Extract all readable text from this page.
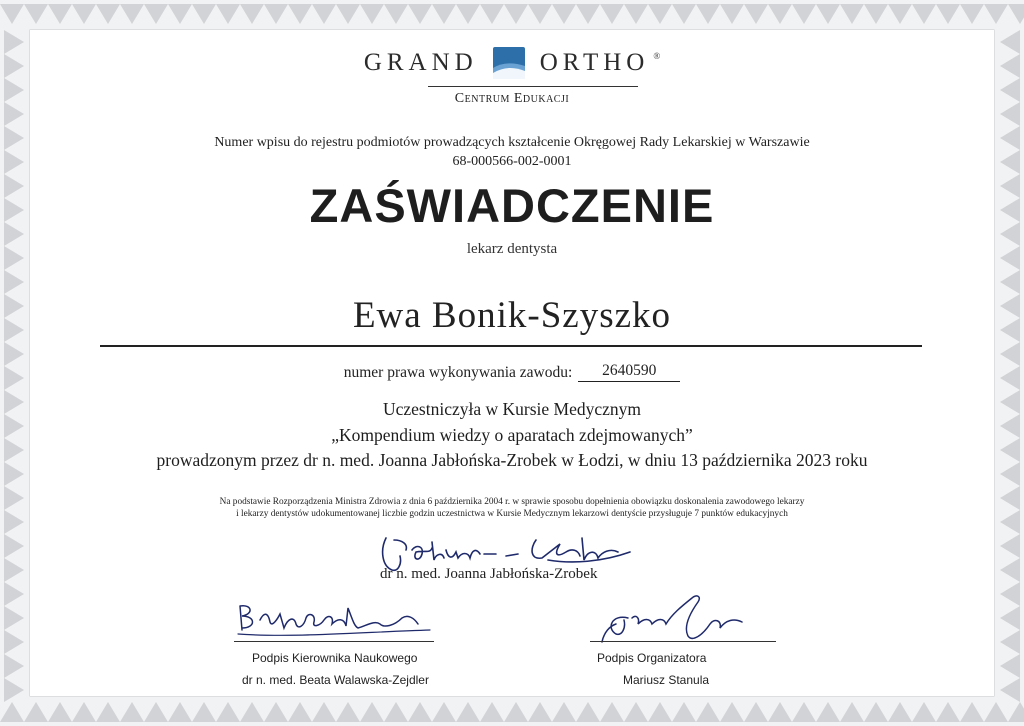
GRAND ORTHO ®
Centrum Edukacji
Numer wpisu do rejestru podmiotów prowadzących kształcenie Okręgowej Rady Lekarskiej w Warszawie
68-000566-002-0001
ZAŚWIADCZENIE
lekarz dentysta
Ewa Bonik-Szyszko
numer prawa wykonywania zawodu:	2640590
Uczestniczyła w Kursie Medycznym
„Kompendium wiedzy o aparatach zdejmowanych”
prowadzonym przez dr n. med. Joanna Jabłońska-Zrobek w Łodzi, w dniu 13 października 2023 roku
Na podstawie Rozporządzenia Ministra Zdrowia z dnia 6 października 2004 r. w sprawie sposobu dopełnienia obowiązku doskonalenia zawodowego lekarzy
i lekarzy dentystów udokumentowanej liczbie godzin uczestnictwa w Kursie Medycznym lekarzowi dentyście przysługuje 7 punktów edukacyjnych
dr n. med. Joanna Jabłońska-Zrobek
Podpis Kierownika Naukowego
dr n. med. Beata Walawska-Zejdler
Podpis Organizatora
Mariusz Stanula
